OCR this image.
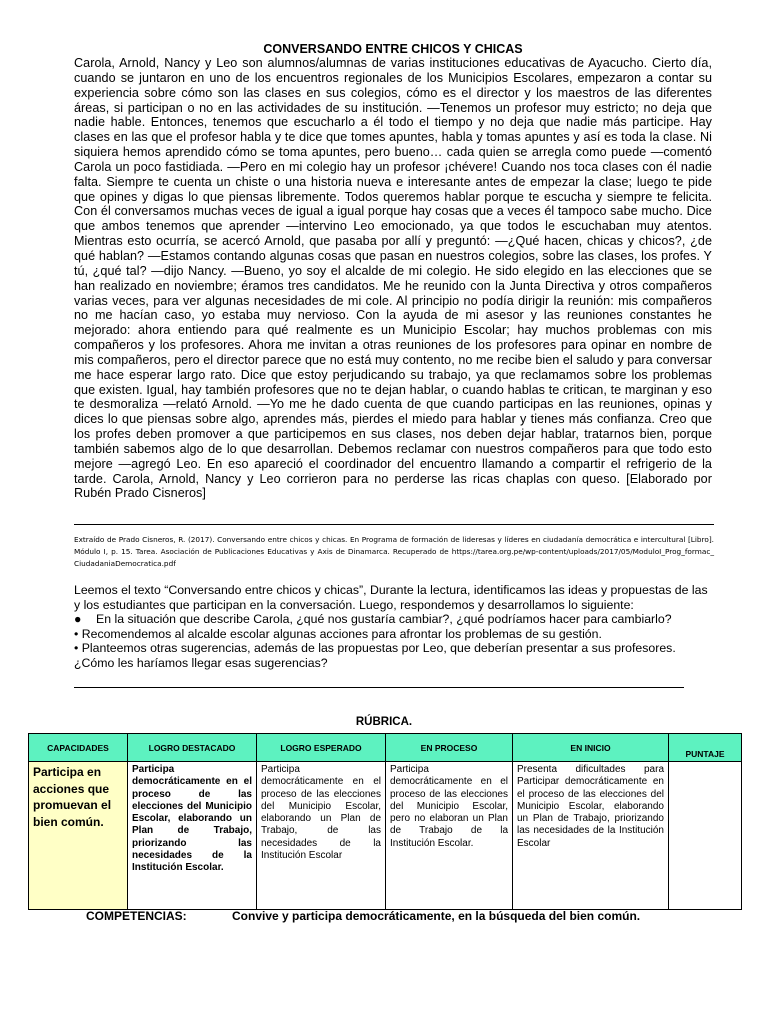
CONVERSANDO ENTRE CHICOS Y CHICAS
Carola, Arnold, Nancy y Leo son alumnos/alumnas de varias instituciones educativas de Ayacucho. Cierto día, cuando se juntaron en uno de los encuentros regionales de los Municipios Escolares, empezaron a contar su experiencia sobre cómo son las clases en sus colegios, cómo es el director y los maestros de las diferentes áreas, si participan o no en las actividades de su institución. —Tenemos un profesor muy estricto; no deja que nadie hable. Entonces, tenemos que escucharlo a él todo el tiempo y no deja que nadie más participe. Hay clases en las que el profesor habla y te dice que tomes apuntes, habla y tomas apuntes y así es toda la clase. Ni siquiera hemos aprendido cómo se toma apuntes, pero bueno… cada quien se arregla como puede —comentó Carola un poco fastidiada. —Pero en mi colegio hay un profesor ¡chévere! Cuando nos toca clases con él nadie falta. Siempre te cuenta un chiste o una historia nueva e interesante antes de empezar la clase; luego te pide que opines y digas lo que piensas libremente. Todos queremos hablar porque te escucha y siempre te felicita. Con él conversamos muchas veces de igual a igual porque hay cosas que a veces él tampoco sabe mucho. Dice que ambos tenemos que aprender —intervino Leo emocionado, ya que todos le escuchaban muy atentos. Mientras esto ocurría, se acercó Arnold, que pasaba por allí y preguntó: —¿Qué hacen, chicas y chicos?, ¿de qué hablan? —Estamos contando algunas cosas que pasan en nuestros colegios, sobre las clases, los profes. Y tú, ¿qué tal? —dijo Nancy. —Bueno, yo soy el alcalde de mi colegio. He sido elegido en las elecciones que se han realizado en noviembre; éramos tres candidatos. Me he reunido con la Junta Directiva y otros compañeros varias veces, para ver algunas necesidades de mi cole. Al principio no podía dirigir la reunión: mis compañeros no me hacían caso, yo estaba muy nervioso. Con la ayuda de mi asesor y las reuniones constantes he mejorado: ahora entiendo para qué realmente es un Municipio Escolar; hay muchos problemas con mis compañeros y los profesores. Ahora me invitan a otras reuniones de los profesores para opinar en nombre de mis compañeros, pero el director parece que no está muy contento, no me recibe bien el saludo y para conversar me hace esperar largo rato. Dice que estoy perjudicando su trabajo, ya que reclamamos sobre los problemas que existen. Igual, hay también profesores que no te dejan hablar, o cuando hablas te critican, te marginan y eso te desmoraliza —relató Arnold. —Yo me he dado cuenta de que cuando participas en las reuniones, opinas y dices lo que piensas sobre algo, aprendes más, pierdes el miedo para hablar y tienes más confianza. Creo que los profes deben promover a que participemos en sus clases, nos deben dejar hablar, tratarnos bien, porque también sabemos algo de lo que desarrollan. Debemos reclamar con nuestros compañeros para que todo esto mejore —agregó Leo. En eso apareció el coordinador del encuentro llamando a compartir el refrigerio de la tarde. Carola, Arnold, Nancy y Leo corrieron para no perderse las ricas chaplas con queso. [Elaborado por Rubén Prado Cisneros]
Extraído de Prado Cisneros, R. (2017). Conversando entre chicos y chicas. En Programa de formación de lideresas y líderes en ciudadanía democrática e intercultural [Libro]. Módulo I, p. 15. Tarea. Asociación de Publicaciones Educativas y Axis de Dinamarca. Recuperado de https://tarea.org.pe/wp-content/uploads/2017/05/ModuloI_Prog_formac_ CiudadaniaDemocratica.pdf

Leemos el texto “Conversando entre chicos y chicas”, Durante la lectura, identificamos las ideas y propuestas de las y los estudiantes que participan en la conversación. Luego, respondemos y desarrollamos lo siguiente:

● En la situación que describe Carola, ¿qué nos gustaría cambiar?, ¿qué podríamos hacer para cambiarlo?

• Recomendemos al alcalde escolar algunas acciones para afrontar los problemas de su gestión.

• Planteemos otras sugerencias, además de las propuestas por Leo, que deberían presentar a sus profesores. ¿Cómo les haríamos llegar esas sugerencias?

RÚBRICA.
CAPACIDADES	LOGRO DESTACADO	LOGRO ESPERADO	EN PROCESO	EN INICIO	PUNTAJE
Participa en acciones que promuevan el bien común.	Participa democráticamente en el proceso de las elecciones del Municipio Escolar, elaborando un Plan de Trabajo, priorizando las necesidades de la Institución Escolar.	Participa democráticamente en el proceso de las elecciones del Municipio Escolar, elaborando un Plan de Trabajo, de las necesidades de la Institución Escolar	Participa democráticamente en el proceso de las elecciones del Municipio Escolar, pero no elaboran un Plan de Trabajo de la Institución Escolar.	Presenta dificultades para Participar democráticamente en el proceso de las elecciones del Municipio Escolar, elaborando un Plan de Trabajo, priorizando las necesidades de la Institución Escolar	
COMPETENCIAS:	Convive y participa democráticamente, en la búsqueda del bien común.
